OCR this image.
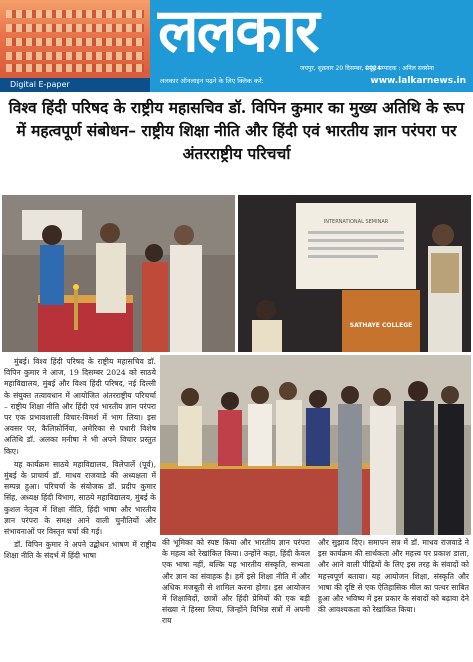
Digital E-paper
ललकार
जयपुर, शुक्रवार 20 दिसम्बर, 2024
समूह सम्पादक : अनिल सक्सेना
ललकार ऑनलाइन पढ़ने के लिए क्लिक करें:	www.lalkarnews.in
विश्व हिंदी परिषद के राष्ट्रीय महासचिव डॉ. विपिन कुमार का मुख्य अतिथि के रूप में महत्वपूर्ण संबोधन– राष्ट्रीय शिक्षा नीति और हिंदी एवं भारतीय ज्ञान परंपरा पर अंतरराष्ट्रीय परिचर्चा
INTERNATIONAL SEMINAR
SATHAYE COLLEGE

मुंबई। विश्व हिंदी परिषद के राष्ट्रीय महासचिव डॉ. विपिन कुमार ने आज, 19 दिसम्बर 2024 को साठये महाविद्यालय, मुंबई और विश्व हिंदी परिषद, नई दिल्ली के संयुक्त तत्वावधान में आयोजित अंतरराष्ट्रीय परिचर्चा – राष्ट्रीय शिक्षा नीति और हिंदी एवं भारतीय ज्ञान परंपरा पर एक प्रभावशाली विचार-विमर्श में भाग लिया। इस अवसर पर, कैलिफ़ोर्निया, अमेरिका से पधारी विशेष अतिथि डॉ. अलका मनीषा ने भी अपने विचार प्रस्तुत किए।

यह कार्यक्रम साठये महाविद्यालय, विलेपार्ले (पूर्व), मुंबई के प्राचार्य डॉ. माधव राजवाडे की अध्यक्षता में सम्पन्न हुआ। परिचर्चा के संयोजक डॉ. प्रदीप कुमार सिंह, अध्यक्ष हिंदी विभाग, साठये महाविद्यालय, मुंबई के कुशल नेतृत्व में शिक्षा नीति, हिंदी भाषा और भारतीय ज्ञान परंपरा के समक्ष आने वाली चुनौतियों और संभावनाओं पर विस्तृत चर्चा की गई।

डॉ. विपिन कुमार ने अपने उद्बोधन भाषण में राष्ट्रीय शिक्षा नीति के संदर्भ में हिंदी भाषा

की भूमिका को स्पष्ट किया और भारतीय ज्ञान परंपरा के महत्व को रेखांकित किया। उन्होंने कहा, हिंदी केवल एक भाषा नहीं, बल्कि यह भारतीय संस्कृति, सभ्यता और ज्ञान का संवाहक है। हमें इसे शिक्षा नीति में और अधिक मजबूती से शामिल करना होगा। इस आयोजन में शिक्षाविदों, छात्रों और हिंदी प्रेमियों की एक बड़ी संख्या ने हिस्सा लिया, जिन्होंने विभिन्न सत्रों में अपनी राय
और सुझाव दिए। समापन सत्र में डॉ. माधव राजवाडे ने इस कार्यक्रम की सार्थकता और महत्त्व पर प्रकाश डाला, और आने वाली पीढ़ियों के लिए इस तरह के संवादों को महत्त्वपूर्ण बताया। यह आयोजन शिक्षा, संस्कृति और भाषा की दृष्टि से एक ऐतिहासिक मील का पत्थर साबित हुआ और भविष्य में इस प्रकार के संवादों को बढ़ावा देने की आवश्यकता को रेखांकित किया।
